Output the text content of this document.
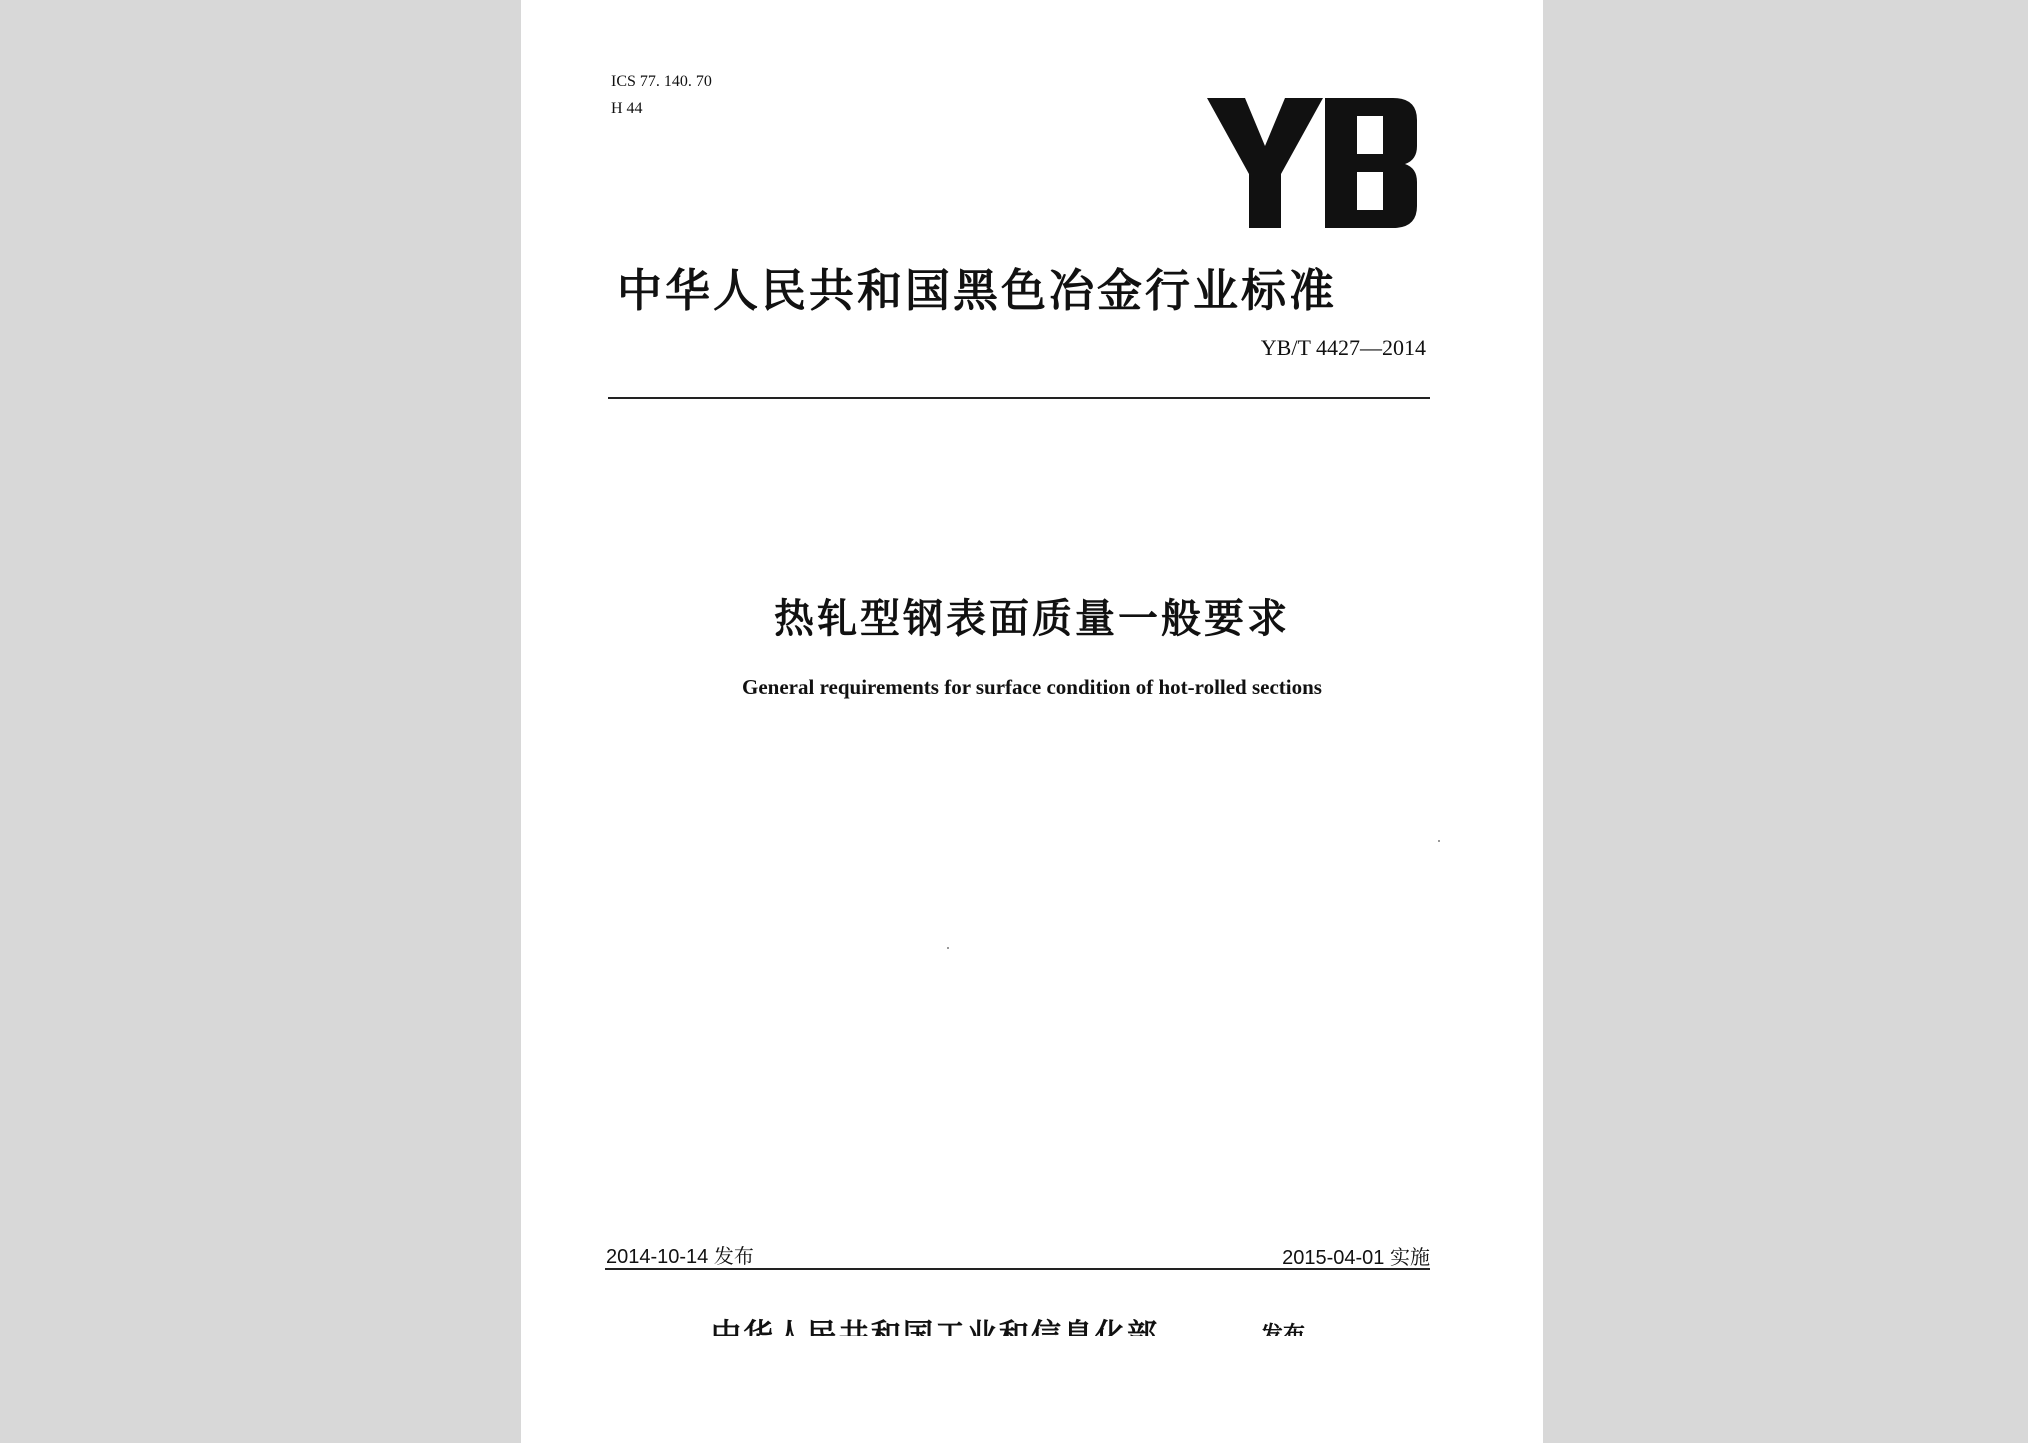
ICS 77. 140. 70
H 44
中华人民共和国黑色冶金行业标准
YB/T 4427—2014
热轧型钢表面质量一般要求
General requirements for surface condition of hot-rolled sections
2014-10-14 发布	2015-04-01 实施
